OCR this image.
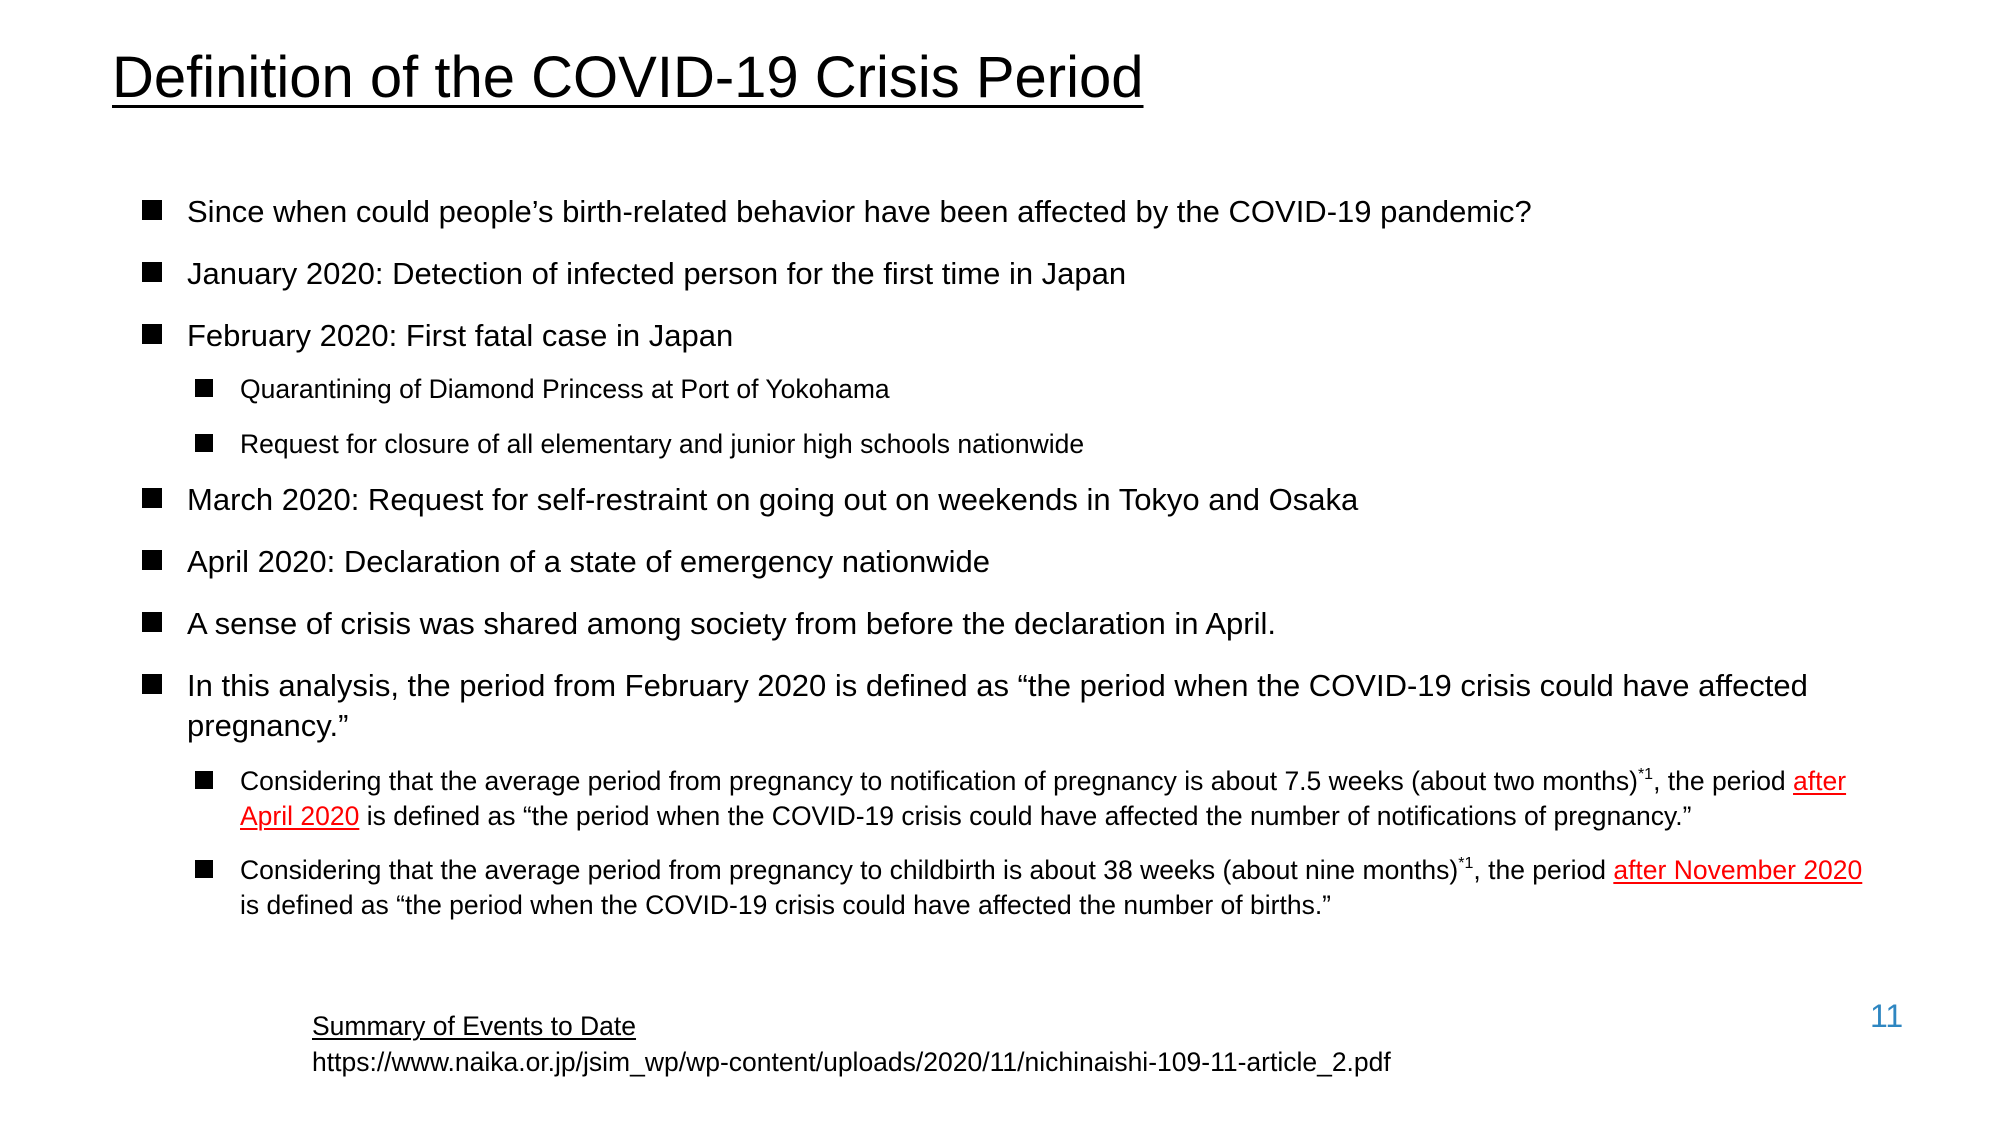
Definition of the COVID-19 Crisis Period
Since when could people’s birth-related behavior have been affected by the COVID-19 pandemic?
January 2020: Detection of infected person for the first time in Japan
February 2020: First fatal case in Japan
Quarantining of Diamond Princess at Port of Yokohama
Request for closure of all elementary and junior high schools nationwide
March 2020: Request for self-restraint on going out on weekends in Tokyo and Osaka
April 2020: Declaration of a state of emergency nationwide
A sense of crisis was shared among society from before the declaration in April.
In this analysis, the period from February 2020 is defined as “the period when the COVID-19 crisis could have affected pregnancy.”
Considering that the average period from pregnancy to notification of pregnancy is about 7.5 weeks (about two months)$^{*1}$, the period after April 2020 is defined as “the period when the COVID-19 crisis could have affected the number of notifications of pregnancy.”
Considering that the average period from pregnancy to childbirth is about 38 weeks (about nine months)$^{*1}$, the period after November 2020 is defined as “the period when the COVID-19 crisis could have affected the number of births.”
Summary of Events to Date
https://www.naika.or.jp/jsim_wp/wp-content/uploads/2020/11/nichinaishi-109-11-article_2.pdf
11
